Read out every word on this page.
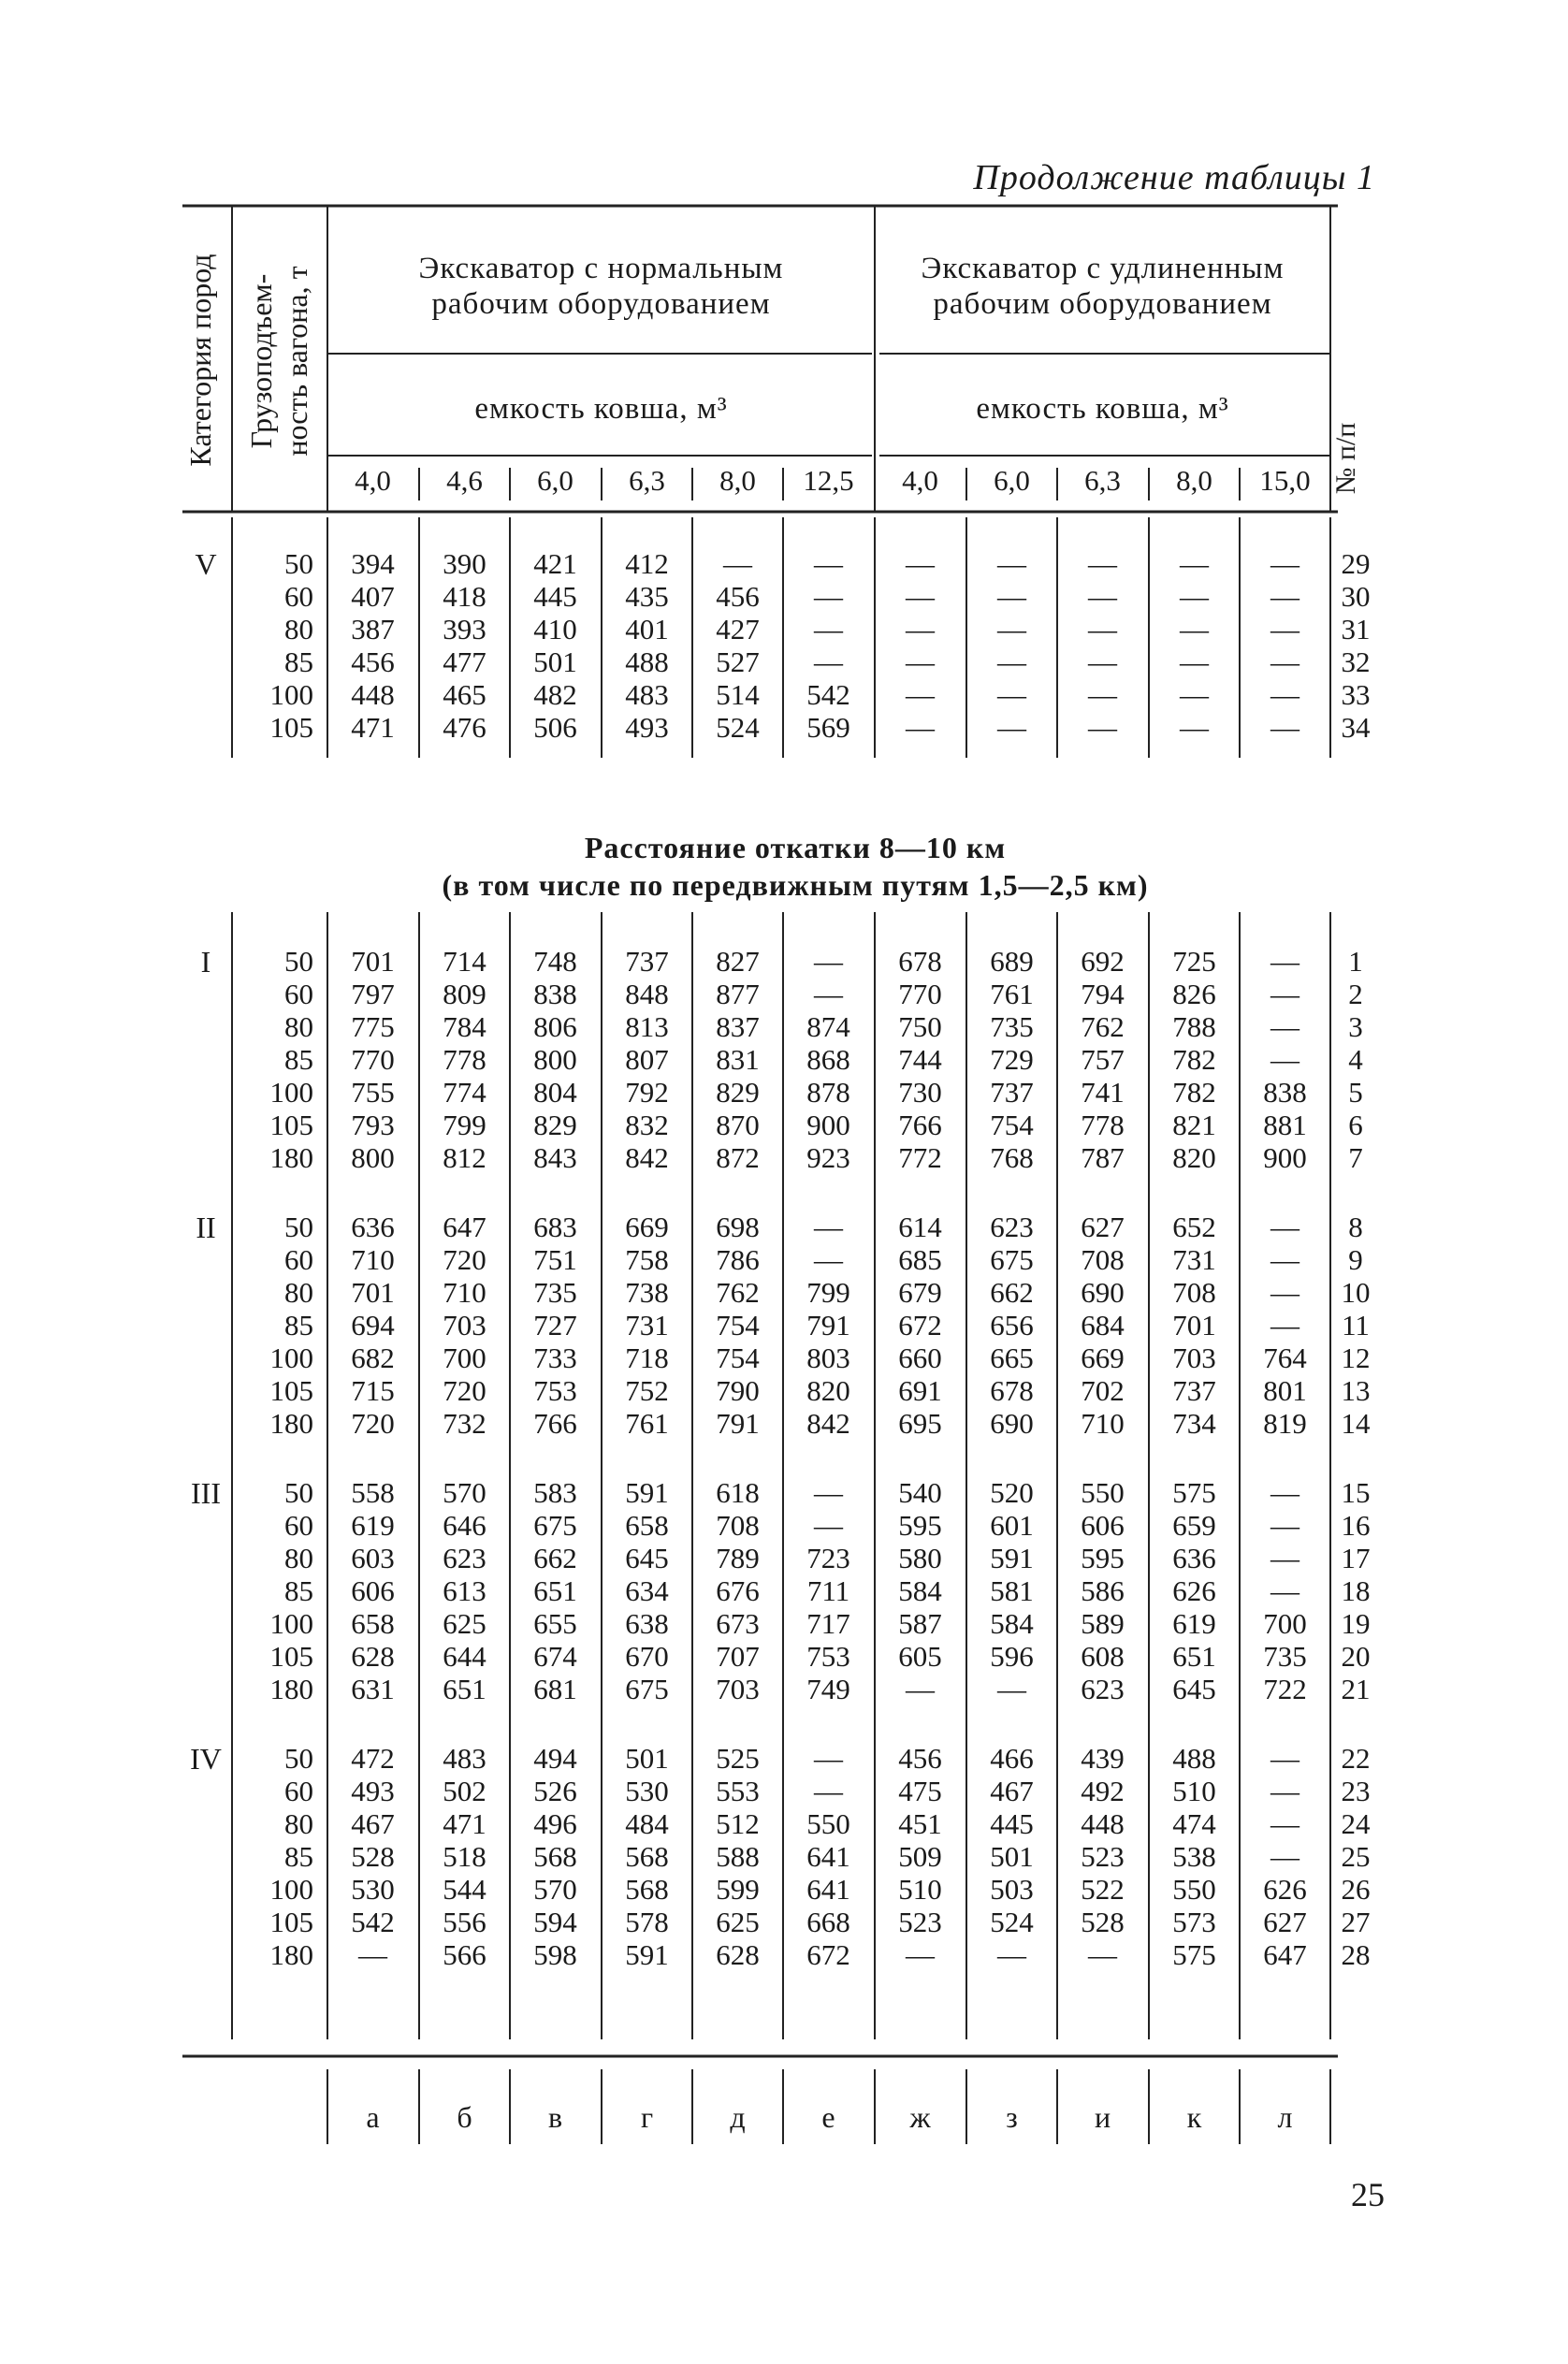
Продолжение таблицы 1
Категория пород Грузоподъем-
ность вагона, т
№ п/п
Экскаватор с нормальным
рабочим оборудованием
Экскаватор с удлиненным
рабочим оборудованием
емкость ковша, м³	емкость ковша, м³
4,0	4,6	6,0	6,3	8,0	12,5	4,0	6,0	6,3	8,0	15,0
Расстояние откатки 8—10 км
(в том числе по передвижным путям 1,5—2,5 км)
V	50	394	390	421	412	—	—	—	—	—	—	—	29
60	407	418	445	435	456	—	—	—	—	—	—	30
80	387	393	410	401	427	—	—	—	—	—	—	31
85	456	477	501	488	527	—	—	—	—	—	—	32
100	448	465	482	483	514	542	—	—	—	—	—	33
105	471	476	506	493	524	569	—	—	—	—	—	34
I	50	701	714	748	737	827	—	678	689	692	725	—	1
60	797	809	838	848	877	—	770	761	794	826	—	2
80	775	784	806	813	837	874	750	735	762	788	—	3
85	770	778	800	807	831	868	744	729	757	782	—	4
100	755	774	804	792	829	878	730	737	741	782	838	5
105	793	799	829	832	870	900	766	754	778	821	881	6
180	800	812	843	842	872	923	772	768	787	820	900	7
II	50	636	647	683	669	698	—	614	623	627	652	—	8
60	710	720	751	758	786	—	685	675	708	731	—	9
80	701	710	735	738	762	799	679	662	690	708	—	10
85	694	703	727	731	754	791	672	656	684	701	—	11
100	682	700	733	718	754	803	660	665	669	703	764	12
105	715	720	753	752	790	820	691	678	702	737	801	13
180	720	732	766	761	791	842	695	690	710	734	819	14
III	50	558	570	583	591	618	—	540	520	550	575	—	15
60	619	646	675	658	708	—	595	601	606	659	—	16
80	603	623	662	645	789	723	580	591	595	636	—	17
85	606	613	651	634	676	711	584	581	586	626	—	18
100	658	625	655	638	673	717	587	584	589	619	700	19
105	628	644	674	670	707	753	605	596	608	651	735	20
180	631	651	681	675	703	749	—	—	623	645	722	21
IV	50	472	483	494	501	525	—	456	466	439	488	—	22
60	493	502	526	530	553	—	475	467	492	510	—	23
80	467	471	496	484	512	550	451	445	448	474	—	24
85	528	518	568	568	588	641	509	501	523	538	—	25
100	530	544	570	568	599	641	510	503	522	550	626	26
105	542	556	594	578	625	668	523	524	528	573	627	27
180	—	566	598	591	628	672	—	—	—	575	647	28
а	б	в	г	д	е	ж	з	и	к	л
25
